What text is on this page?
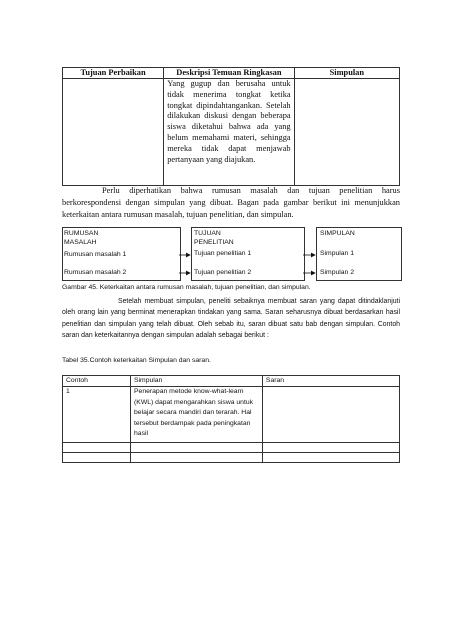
Tujuan Perbaikan	Deskripsi Temuan Ringkasan	Simpulan
	Yang gugup dan berusaha untuk tidak menerima tongkat ketika tongkat dipindahtangankan. Setelah dilakukan diskusi dengan beberapa siswa diketahui bahwa ada yang belum memahami materi, sehingga mereka tidak dapat menjawab pertanyaan yang diajukan.	
Perlu diperhatikan bahwa rumusan masalah dan tujuan penelitian harus berkorespondensi dengan simpulan yang dibuat. Bagan pada gambar berikut ini menunjukkan keterkaitan antara rumusan masalah, tujuan penelitian, dan simpulan.
RUMUSAN
MASALAH
Rumusan masalah 1
Rumusan masalah 2
TUJUAN
PENELITIAN
Tujuan penelitian 1
Tujuan penelitian 2
SIMPULAN
Simpulan 1
Simpulan 2
Gambar 45. Keterkaitan antara rumusan masalah, tujuan penelitian, dan simpulan.
Setelah membuat simpulan, peneliti sebaiknya membuat saran yang dapat ditindaklanjuti oleh orang lain yang berminat menerapkan tindakan yang sama. Saran seharusnya dibuat berdasarkan hasil penelitian dan simpulan yang telah dibuat. Oleh sebab itu, saran dibuat satu bab dengan simpulan. Contoh saran dan keterkaitannya dengan simpulan adalah sebagai berikut :
Tabel 35.Contoh keterkaitan Simpulan dan saran.
Contoh	Simpulan	Saran
1	Penerapan metode know-what-learn (KWL) dapat mengarahkan siswa untuk belajar secara mandiri dan terarah. Hal tersebut berdampak pada peningkatan hasil	
